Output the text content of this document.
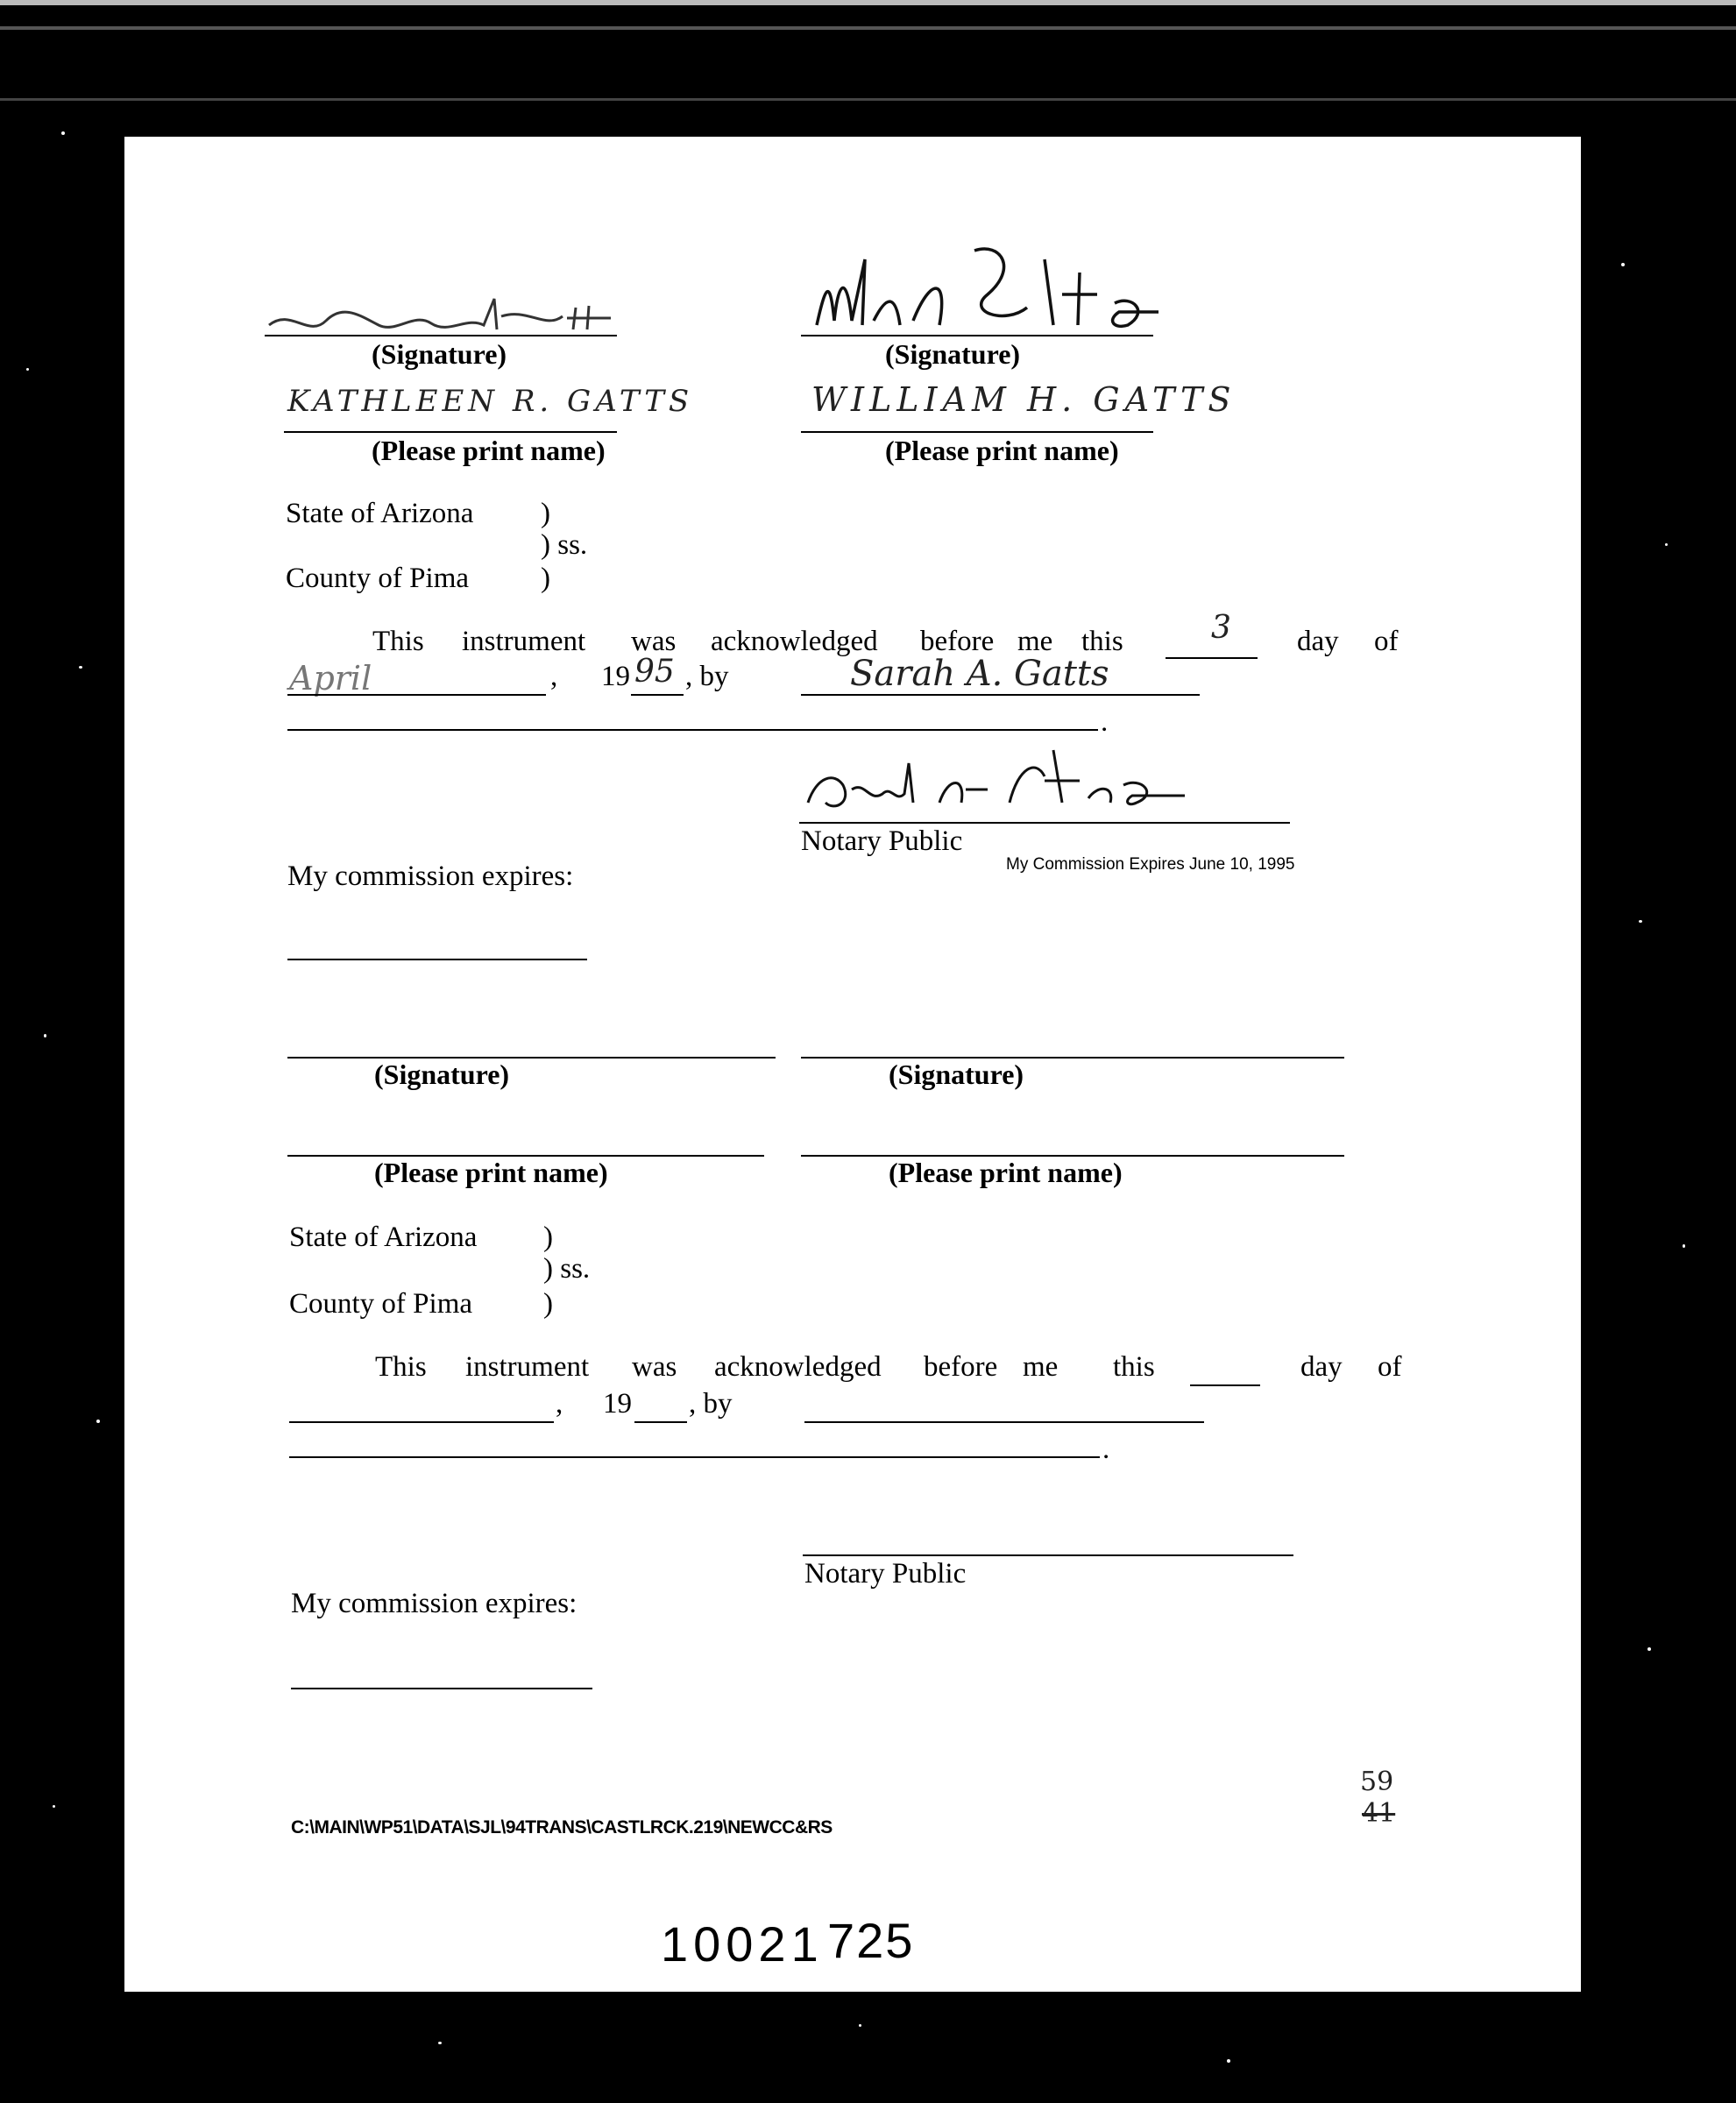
(Signature)	(Signature)
KATHLEEN R. GATTS	WILLIAM H. GATTS
(Please print name)	(Please print name)
State of Arizona )
) ss.
County of Pima )
This instrument was acknowledged before me this	3 day of
April	, 19 95 , by	Sarah A. Gatts
.
Notary Public
My Commission Expires June 10, 1995
My commission expires:
(Signature)	(Signature)
(Please print name)	(Please print name)
State of Arizona )
) ss.
County of Pima )
This instrument was acknowledged before me this	day of
, 19 , by
.
Notary Public
My commission expires:
C:\MAIN\WP51\DATA\SJL\94TRANS\CASTLRCK.219\NEWCC&RS
59
41
10021 725
